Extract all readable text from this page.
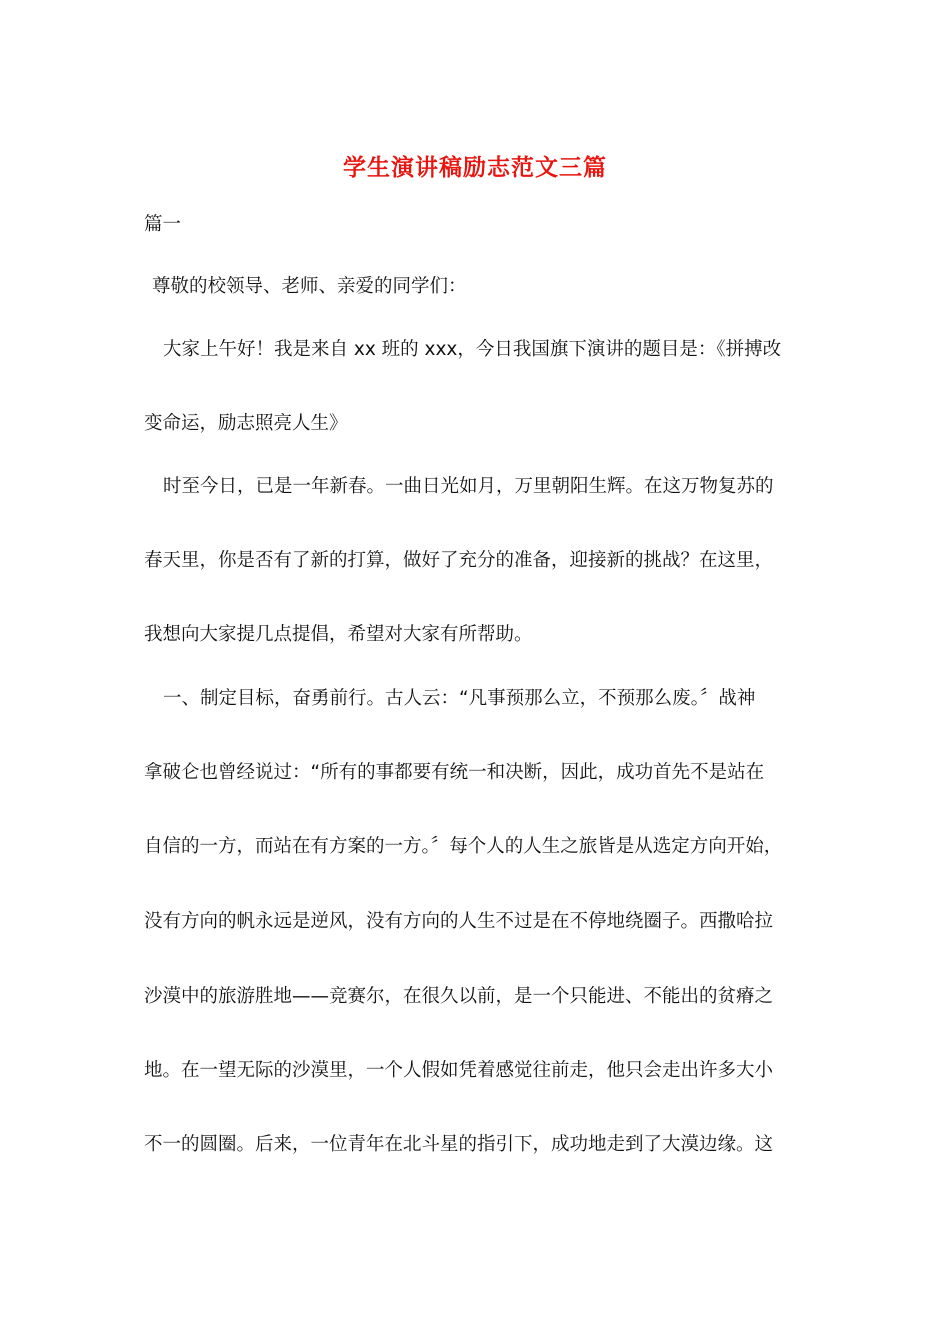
学生演讲稿励志范文三篇
篇一
尊敬的校领导、老师、亲爱的同学们：
大家上午好！我是来自 xx 班的 xxx，今日我国旗下演讲的题目是：《拼搏改
变命运，励志照亮人生》
时至今日，已是一年新春。一曲日光如月，万里朝阳生辉。在这万物复苏的
春天里，你是否有了新的打算，做好了充分的准备，迎接新的挑战？在这里，
我想向大家提几点提倡，希望对大家有所帮助。
一、制定目标，奋勇前行。古人云：“凡事预那么立，不预那么废。〞战神
拿破仑也曾经说过：“所有的事都要有统一和决断，因此，成功首先不是站在
自信的一方，而站在有方案的一方。〞每个人的人生之旅皆是从选定方向开始，
没有方向的帆永远是逆风，没有方向的人生不过是在不停地绕圈子。西撒哈拉
沙漠中的旅游胜地——竞赛尔，在很久以前，是一个只能进、不能出的贫瘠之
地。在一望无际的沙漠里，一个人假如凭着感觉往前走，他只会走出许多大小
不一的圆圈。后来，一位青年在北斗星的指引下，成功地走到了大漠边缘。这
